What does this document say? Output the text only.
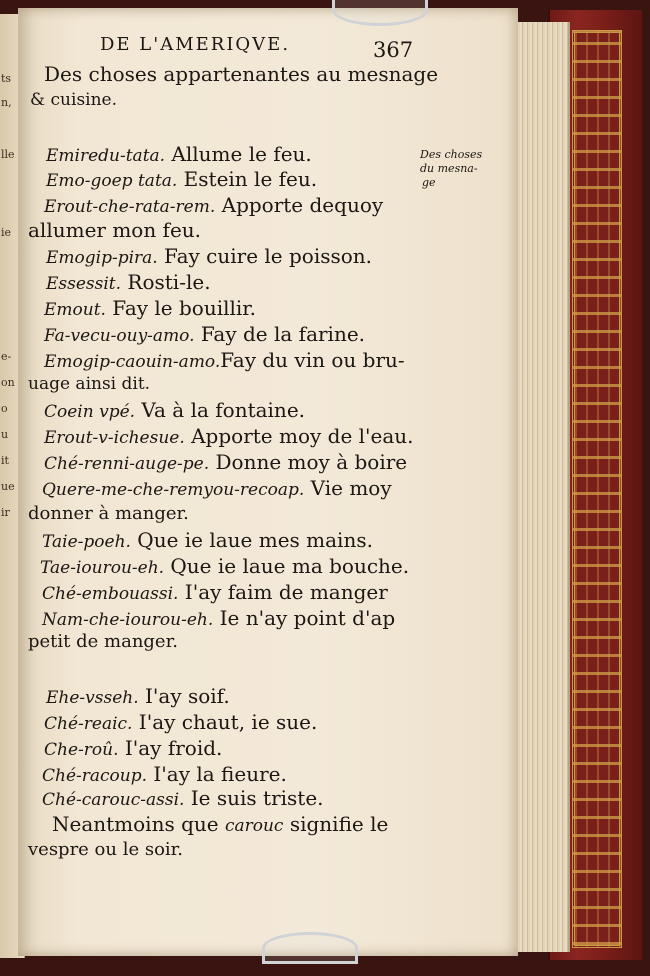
ts
n,
lle
ie
e-
on
o
u
it
ue
ir
DE L'AMERIQVE.	367
Des choses appartenantes au mesnage
& cuisine.
Des choses
du mesna-
ge
Emiredu-tata. Allume le feu.
Emo-goep tata. Estein le feu.
Erout-che-rata-rem. Apporte dequoy
allumer mon feu.
Emogip-pira. Fay cuire le poisson.
Essessit. Rosti-le.
Emout. Fay le bouillir.
Fa-vecu-ouy-amo. Fay de la farine.
Emogip-caouin-amo.Fay du vin ou bru-
uage ainsi dit.
Coein vpé. Va à la fontaine.
Erout-v-ichesue. Apporte moy de l'eau.
Ché-renni-auge-pe. Donne moy à boire
Quere-me-che-remyou-recoap. Vie moy
donner à manger.
Taie-poeh. Que ie laue mes mains.
Tae-iourou-eh. Que ie laue ma bouche.
Ché-embouassi. I'ay faim de manger
Nam-che-iourou-eh. Ie n'ay point d'ap
petit de manger.
Ehe-vsseh. I'ay soif.
Ché-reaic. I'ay chaut, ie sue.
Che-roû. I'ay froid.
Ché-racoup. I'ay la fieure.
Ché-carouc-assi. Ie suis triste.
Neantmoins que carouc signifie le
vespre ou le soir.
